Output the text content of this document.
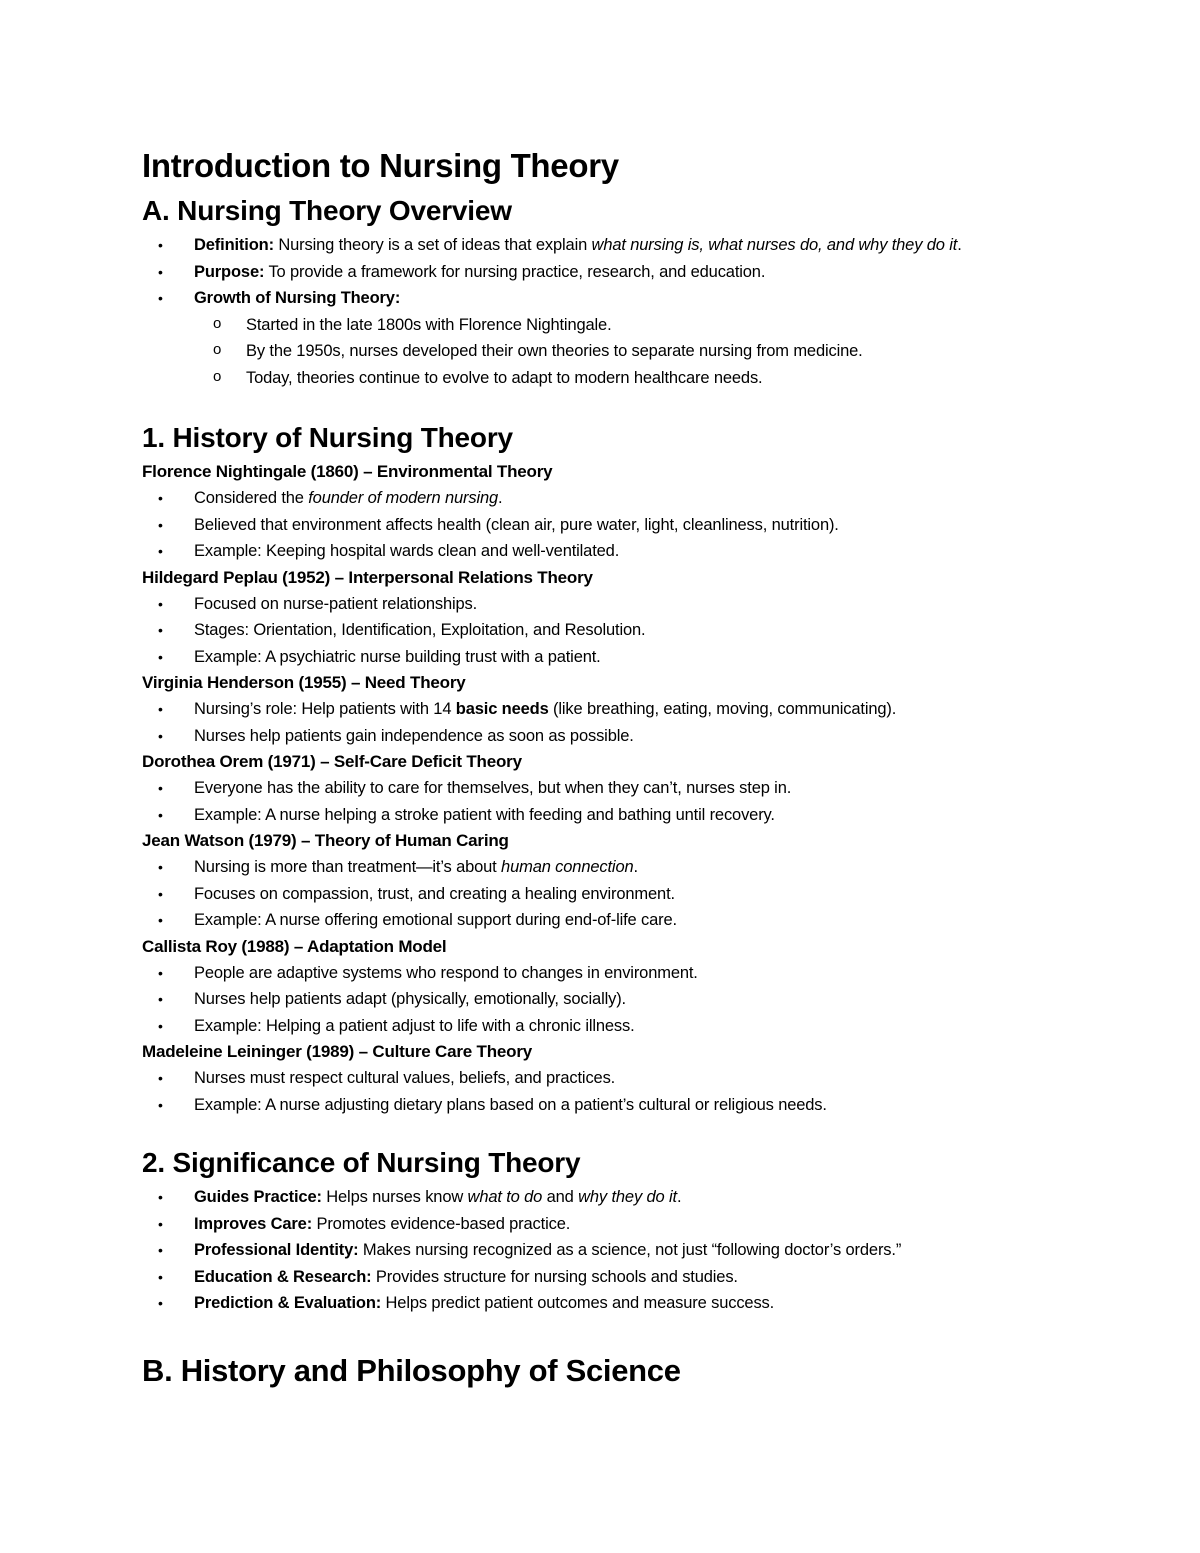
Introduction to Nursing Theory
A. Nursing Theory Overview
• Definition: Nursing theory is a set of ideas that explain what nursing is, what nurses do, and why they do it.
• Purpose: To provide a framework for nursing practice, research, and education.
• Growth of Nursing Theory:
o Started in the late 1800s with Florence Nightingale.
o By the 1950s, nurses developed their own theories to separate nursing from medicine.
o Today, theories continue to evolve to adapt to modern healthcare needs.
1. History of Nursing Theory

Florence Nightingale (1860) – Environmental Theory

• Considered the founder of modern nursing.
• Believed that environment affects health (clean air, pure water, light, cleanliness, nutrition).
• Example: Keeping hospital wards clean and well-ventilated.

Hildegard Peplau (1952) – Interpersonal Relations Theory

• Focused on nurse-patient relationships.
• Stages: Orientation, Identification, Exploitation, and Resolution.
• Example: A psychiatric nurse building trust with a patient.

Virginia Henderson (1955) – Need Theory

• Nursing’s role: Help patients with 14 basic needs (like breathing, eating, moving, communicating).
• Nurses help patients gain independence as soon as possible.

Dorothea Orem (1971) – Self-Care Deficit Theory

• Everyone has the ability to care for themselves, but when they can’t, nurses step in.
• Example: A nurse helping a stroke patient with feeding and bathing until recovery.

Jean Watson (1979) – Theory of Human Caring

• Nursing is more than treatment—it’s about human connection.
• Focuses on compassion, trust, and creating a healing environment.
• Example: A nurse offering emotional support during end-of-life care.

Callista Roy (1988) – Adaptation Model

• People are adaptive systems who respond to changes in environment.
• Nurses help patients adapt (physically, emotionally, socially).
• Example: Helping a patient adjust to life with a chronic illness.

Madeleine Leininger (1989) – Culture Care Theory

• Nurses must respect cultural values, beliefs, and practices.
• Example: A nurse adjusting dietary plans based on a patient’s cultural or religious needs.
2. Significance of Nursing Theory
• Guides Practice: Helps nurses know what to do and why they do it.
• Improves Care: Promotes evidence-based practice.
• Professional Identity: Makes nursing recognized as a science, not just “following doctor’s orders.”
• Education & Research: Provides structure for nursing schools and studies.
• Prediction & Evaluation: Helps predict patient outcomes and measure success.
B. History and Philosophy of Science
